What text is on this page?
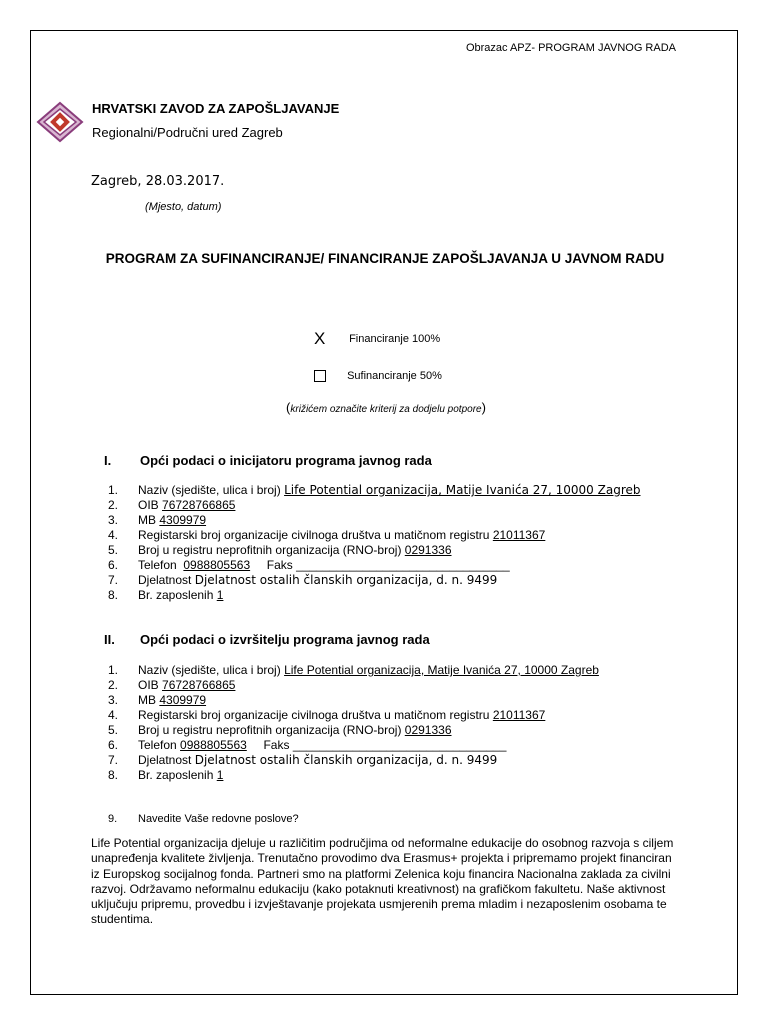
Obrazac APZ- PROGRAM JAVNOG RADA
HRVATSKI ZAVOD ZA ZAPOŠLJAVANJE
Regionalni/Područni ured Zagreb
Zagreb, 28.03.2017.
(Mjesto, datum)
PROGRAM ZA SUFINANCIRANJE/ FINANCIRANJE ZAPOŠLJAVANJA U JAVNOM RADU
X Financiranje 100%
Sufinanciranje 50%
(križićem označite kriterij za dodjelu potpore)
I. Opći podaci o inicijatoru programa javnog rada
1. Naziv (sjedište, ulica i broj) Life Potential organizacija, Matije Ivanića 27, 10000 Zagreb
2. OIB 76728766865
3. MB 4309979
4. Registarski broj organizacije civilnoga društva u matičnom registru 21011367
5. Broj u registru neprofitnih organizacija (RNO-broj) 0291336
6. Telefon 0988805563 Faks ________________________________
7. Djelatnost Djelatnost ostalih članskih organizacija, d. n. 9499
8. Br. zaposlenih 1
II. Opći podaci o izvršitelju programa javnog rada
1. Naziv (sjedište, ulica i broj) Life Potential organizacija, Matije Ivanića 27, 10000 Zagreb
2. OIB 76728766865
3. MB 4309979
4. Registarski broj organizacije civilnoga društva u matičnom registru 21011367
5. Broj u registru neprofitnih organizacija (RNO-broj) 0291336
6. Telefon 0988805563 Faks ________________________________
7. Djelatnost Djelatnost ostalih članskih organizacija, d. n. 9499
8. Br. zaposlenih 1
9. Navedite Vaše redovne poslove?
Life Potential organizacija djeluje u različitim područjima od neformalne edukacije do osobnog razvoja s ciljem unapređenja kvalitete življenja. Trenutačno provodimo dva Erasmus+ projekta i pripremamo projekt financiran iz Europskog socijalnog fonda. Partneri smo na platformi Zelenica koju financira Nacionalna zaklada za civilni razvoj. Održavamo neformalnu edukaciju (kako potaknuti kreativnost) na grafičkom fakultetu. Naše aktivnost uključuju pripremu, provedbu i izvještavanje projekata usmjerenih prema mladim i nezaposlenim osobama te studentima.
